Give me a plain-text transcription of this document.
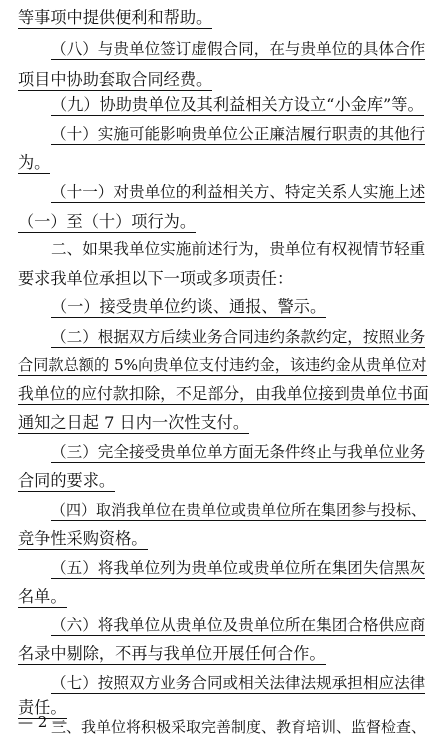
等事项中提供便利和帮助。
（八）与贵单位签订虚假合同，在与贵单位的具体合作
项目中协助套取合同经费。
（九）协助贵单位及其利益相关方设立“小金库”等。
（十）实施可能影响贵单位公正廉洁履行职责的其他行
为。
（十一）对贵单位的利益相关方、特定关系人实施上述
（一）至（十）项行为。
二、如果我单位实施前述行为，贵单位有权视情节轻重
要求我单位承担以下一项或多项责任：
（一）接受贵单位约谈、通报、警示。
（二）根据双方后续业务合同违约条款约定，按照业务
合同款总额的 5%向贵单位支付违约金，该违约金从贵单位对
我单位的应付款扣除，不足部分，由我单位接到贵单位书面
通知之日起 7 日内一次性支付。
（三）完全接受贵单位单方面无条件终止与我单位业务
合同的要求。
（四）取消我单位在贵单位或贵单位所在集团参与投标、
竞争性采购资格。
（五）将我单位列为贵单位或贵单位所在集团失信黑灰
名单。
（六）将我单位从贵单位及贵单位所在集团合格供应商
名录中剔除，不再与我单位开展任何合作。
（七）按照双方业务合同或相关法律法规承担相应法律
责任。
三、我单位将积极采取完善制度、教育培训、监督检查、
— 2 —
